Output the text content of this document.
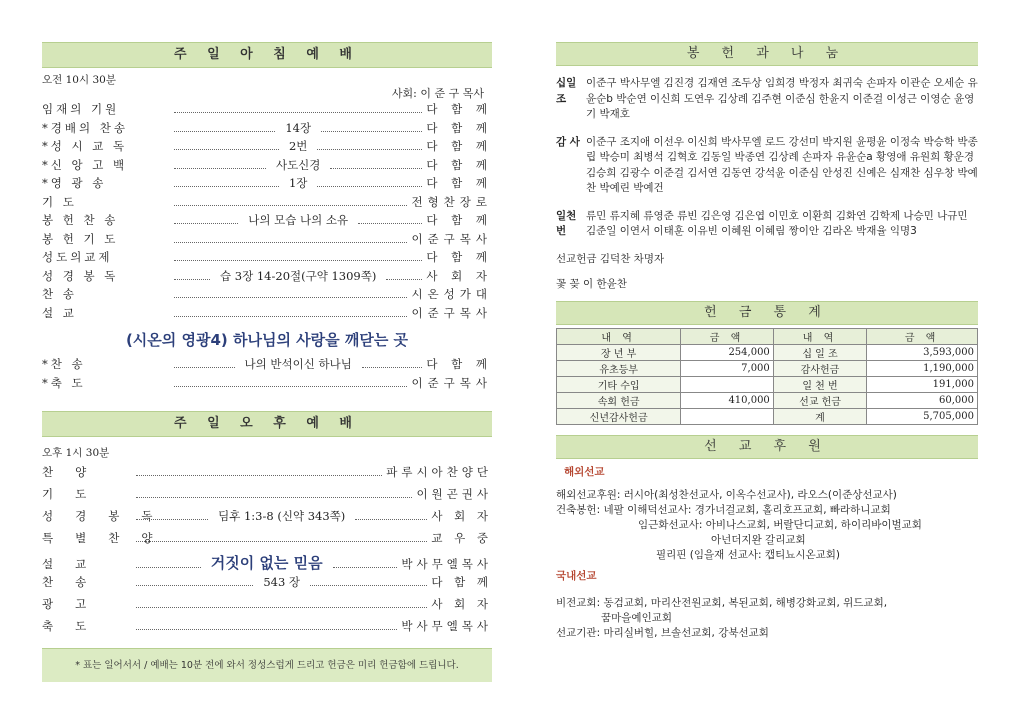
주 일 아 침 예 배
오전 10시 30분
사회: 이 준 구 목사
임재의 기원	다 함 께
*경배의 찬송	14장	다 함 께
*성 시 교 독	2번	다 함 께
*신 앙 고 백	사도신경	다 함 께
*영 광 송	1장	다 함 께
기 도	전형찬장로
봉 헌 찬 송	나의 모습 나의 소유	다 함 께
봉 헌 기 도	이준구목사
성도의교제	다 함 께
성 경 봉 독	습 3장 14-20절(구약 1309쪽)	사 회 자
찬 송	시온성가대
설 교	이준구목사
(시온의 영광4) 하나님의 사랑을 깨닫는 곳
*찬 송	나의 반석이신 하나님	다 함 께
*축 도	이준구목사
주 일 오 후 예 배
오후 1시 30분
찬양	파루시아찬양단
기도	이원곤권사
성경봉독	딤후 1:3-8 (신약 343쪽)	사 회 자
특별찬양	교 우 중
설교	거짓이 없는 믿음	박사무엘목사
찬송	543 장	다 함 께
광고	사 회 자
축도	박사무엘목사
* 표는 일어서서 / 예배는 10분 전에 와서 정성스럽게 드리고 헌금은 미리 헌금함에 드립니다.
봉 헌 과 나 눔
십일조
이준구 박사무엘 김진경 김재연 조두상 임희경 박정자 최귀숙 손파자 이관순 오세순 유윤순b 박순연 이신희 도연우 김상례 김주현 이준심 한윤지 이준걸 이성근 이영순 윤영기 박재호
감 사 이준구 조지애 이선우 이신희 박사무엘 로드 강선미 박지원 윤평윤 이정숙 박승학 박종립 박승미 최병석 김혁호 김동일 박종연 김상례 손파자 유윤순a 황영애 유원희 황운경 김승희 김광수 이준걸 김서연 김동연 강석윤 이준심 안성진 신예은 심재찬 심우창 박예찬 박예린 박예건
일천번
류민 류지혜 류영준 류빈 김은영 김은엽 이민호 이환희 김화연 김학제 나승민 나규민 김준일 이연서 이태훈 이유빈 이혜원 이혜림 짱이안 김라온 박재율 익명3
선교헌금 김덕찬 차명자
꽃 꽂 이 한윤찬
헌 금 통 계
내 역	금 액	내 역	금 액
장 년 부	254,000	십 일 조	3,593,000
유초등부	7,000	감사헌금	1,190,000
기타 수입		일 천 번	191,000
속회 헌금	410,000	선교 헌금	60,000
신년감사헌금		계	5,705,000
선 교 후 원
해외선교
해외선교후원: 러시아(최성찬선교사, 이옥수선교사), 라오스(이준상선교사)
건축봉헌: 네팔 이해덕선교사: 경가너걸교회, 홀리호프교회, 빠라하니교회
임근화선교사: 아비나스교회, 버랄단디교회, 하이리바이벌교회
아넌더지완 갈리교회
필리핀 (임을재 선교사: 캡티뇨시온교회)
국내선교
비전교회: 동검교회, 마리산전원교회, 복된교회, 해병강화교회, 위드교회,
꿈마을예인교회
선교기관: 마리실버힐, 브솔선교회, 강북선교회
